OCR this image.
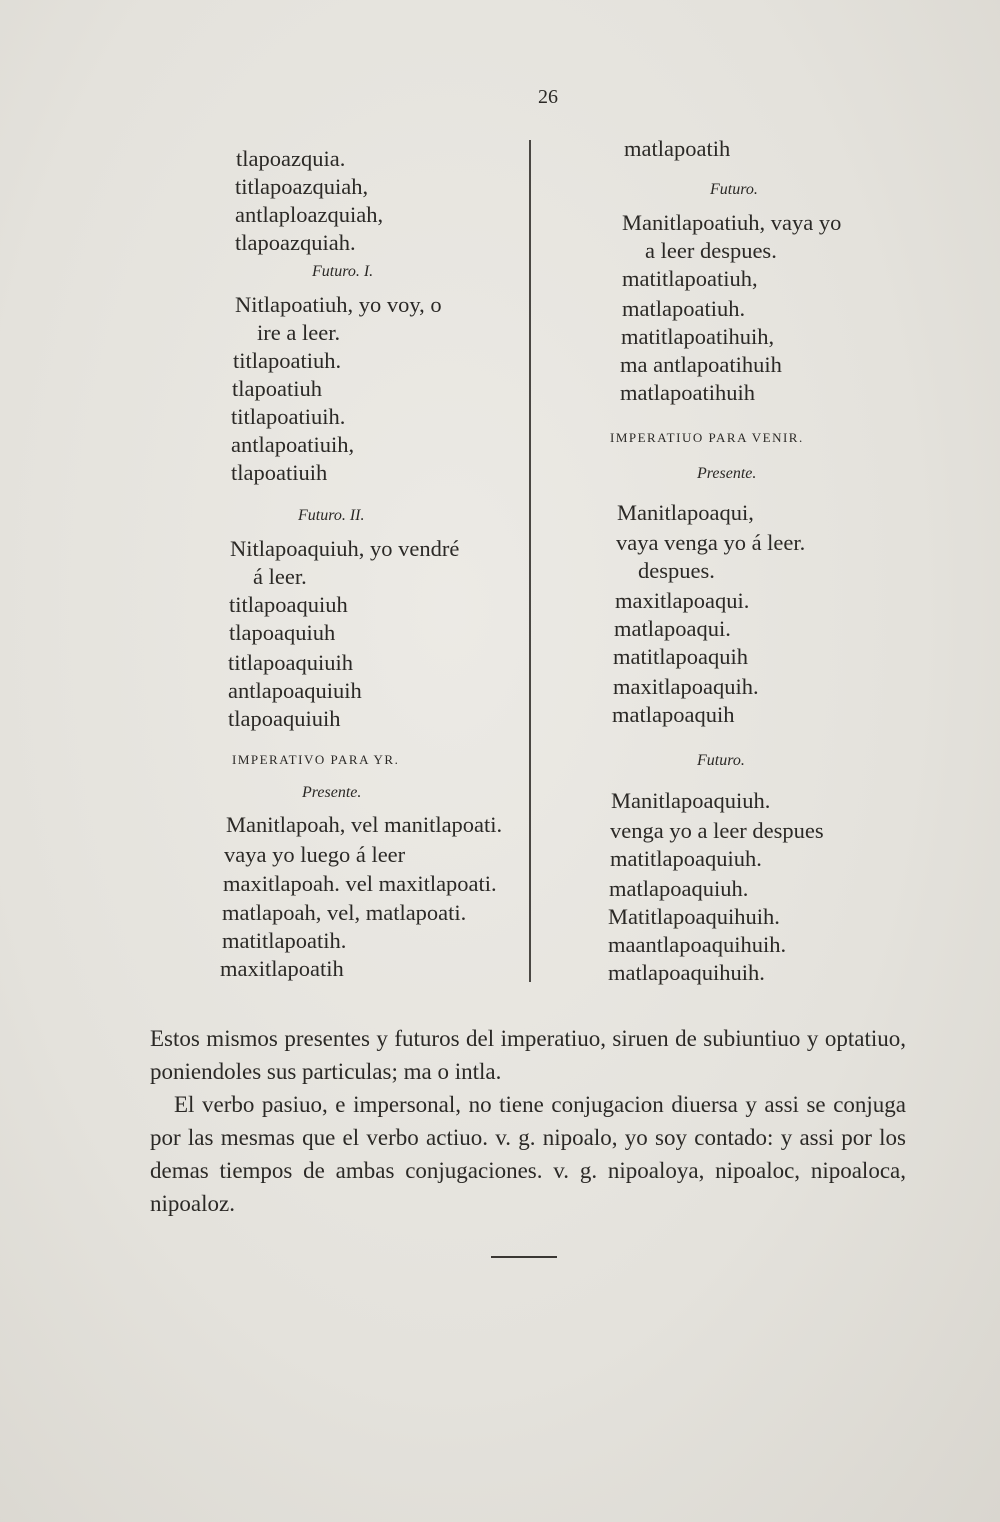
26
tlapoazquia.
titlapoazquiah,
antlaploazquiah,
tlapoazquiah.
Futuro. I.
Nitlapoatiuh, yo voy, o
ire a leer.
titlapoatiuh.
tlapoatiuh
titlapoatiuih.
antlapoatiuih,
tlapoatiuih
Futuro. II.
Nitlapoaquiuh, yo vendré
á leer.
titlapoaquiuh
tlapoaquiuh
titlapoaquiuih
antlapoaquiuih
tlapoaquiuih
IMPERATIVO PARA YR.
Presente.
Manitlapoah, vel manitlapoati.
vaya yo luego á leer
maxitlapoah. vel maxitlapoati.
matlapoah, vel, matlapoati.
matitlapoatih.
maxitlapoatih
matlapoatih
Futuro.
Manitlapoatiuh, vaya yo
a leer despues.
matitlapoatiuh,
matlapoatiuh.
matitlapoatihuih,
ma antlapoatihuih
matlapoatihuih
IMPERATIUO PARA VENIR.
Presente.
Manitlapoaqui,
vaya venga yo á leer.
despues.
maxitlapoaqui.
matlapoaqui.
matitlapoaquih
maxitlapoaquih.
matlapoaquih
Futuro.
Manitlapoaquiuh.
venga yo a leer despues
matitlapoaquiuh.
matlapoaquiuh.
Matitlapoaquihuih.
maantlapoaquihuih.
matlapoaquihuih.

Estos mismos presentes y futuros del imperatiuo, siruen de subiuntiuo y optatiuo, poniendoles sus particulas; ma o intla.

El verbo pasiuo, e impersonal, no tiene conjugacion diuersa y assi se conjuga por las mesmas que el verbo actiuo. v. g. nipoalo, yo soy contado: y assi por los demas tiempos de ambas conjugaciones. v. g. nipoaloya, nipoaloc, nipoaloca, nipoaloz.
